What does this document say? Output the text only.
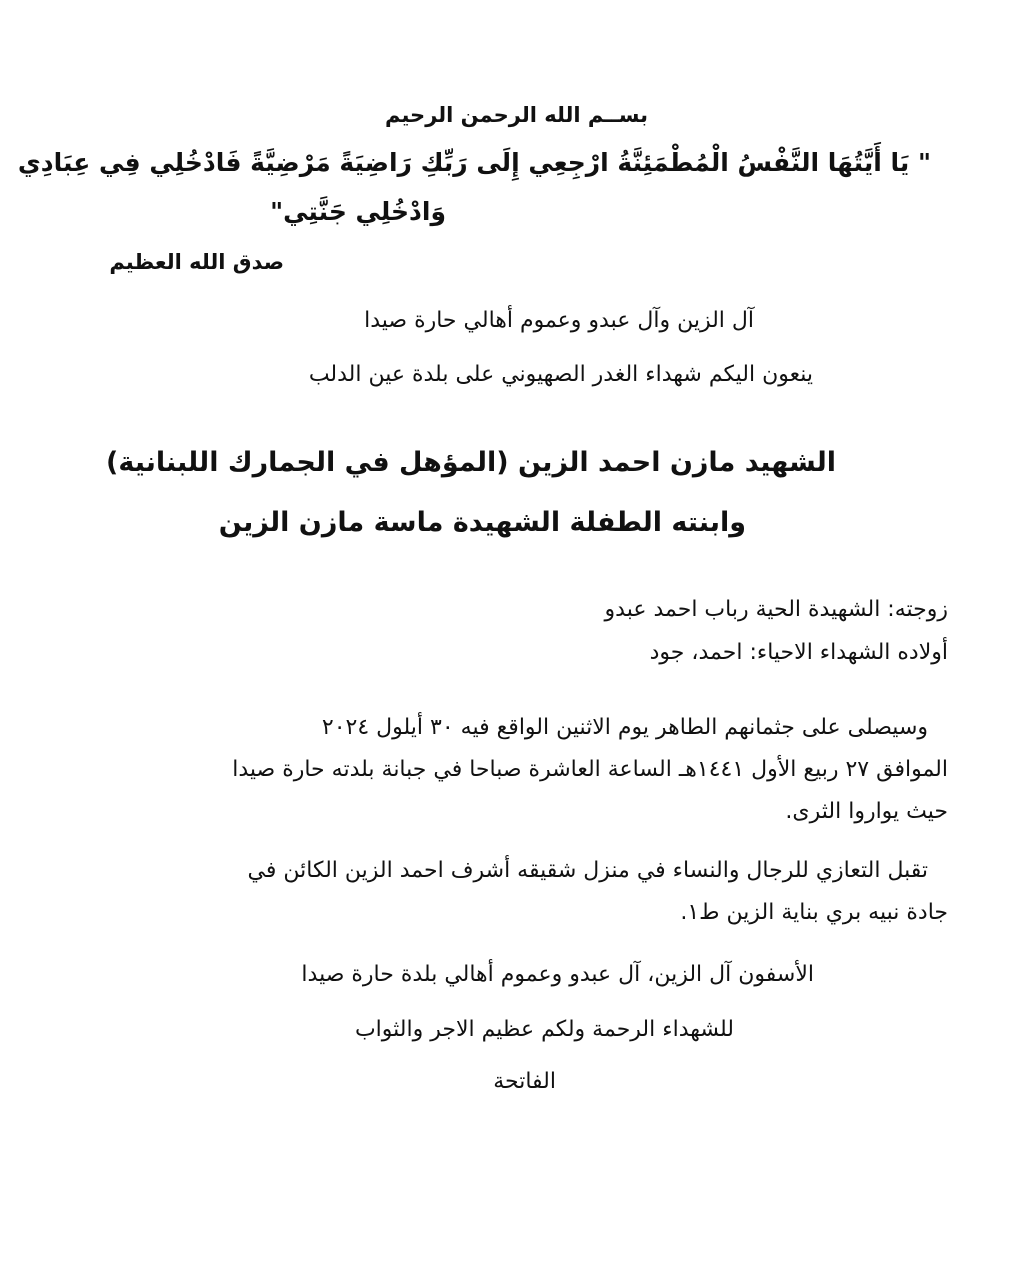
بســم الله الرحمن الرحيم
" يَا أَيَّتُهَا النَّفْسُ الْمُطْمَئِنَّةُ ارْجِعِي إِلَى رَبِّكِ رَاضِيَةً مَرْضِيَّةً فَادْخُلِي فِي عِبَادِي
وَادْخُلِي جَنَّتِي"
صدق الله العظيم
آل الزين وآل عبدو وعموم أهالي حارة صيدا
ينعون اليكم شهداء الغدر الصهيوني على بلدة عين الدلب
الشهيد مازن احمد الزين (المؤهل في الجمارك اللبنانية)
وابنته الطفلة الشهيدة ماسة مازن الزين
زوجته: الشهيدة الحية رباب احمد عبدو
أولاده الشهداء الاحياء: احمد، جود
وسيصلى على جثمانهم الطاهر يوم الاثنين الواقع فيه ٣٠ أيلول ٢٠٢٤
الموافق ٢٧ ربيع الأول ١٤٤١هـ الساعة العاشرة صباحا في جبانة بلدته حارة صيدا
حيث يواروا الثرى.
تقبل التعازي للرجال والنساء في منزل شقيقه أشرف احمد الزين الكائن في
جادة نبيه بري بناية الزين ط١.
الأسفون آل الزين، آل عبدو وعموم أهالي بلدة حارة صيدا
للشهداء الرحمة ولكم عظيم الاجر والثواب
الفاتحة
